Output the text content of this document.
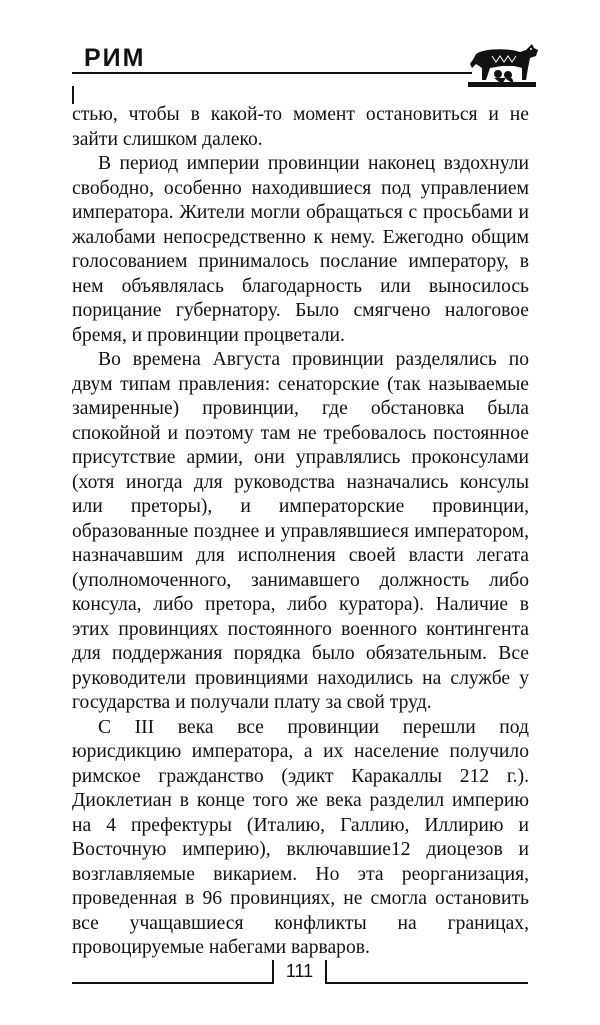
РИМ

стью, чтобы в какой-то момент остановиться и не зайти слишком далеко.

В период империи провинции наконец вздохнули свободно, особенно находившиеся под управлением императора. Жители могли обращаться с просьбами и жалобами непосредственно к нему. Ежегодно общим голосованием принималось послание императору, в нем объявлялась благодарность или выносилось порицание губернатору. Было смягчено налоговое бремя, и провинции процветали.

Во времена Августа провинции разделялись по двум типам правления: сенаторские (так называемые замиренные) провинции, где обстановка была спокойной и поэтому там не требовалось постоянное присутствие армии, они управлялись проконсулами (хотя иногда для руководства назначались консулы или преторы), и императорские провинции, образованные позднее и управлявшиеся императором, назначавшим для исполнения своей власти легата (уполномоченного, занимавшего должность либо консула, либо претора, либо куратора). Наличие в этих провинциях постоянного военного контингента для поддержания порядка было обязательным. Все руководители провинциями находились на службе у государства и получали плату за свой труд.

С III века все провинции перешли под юрисдикцию императора, а их население получило римское гражданство (эдикт Каракаллы 212 г.). Диоклетиан в конце того же века разделил империю на 4 префектуры (Италию, Галлию, Иллирию и Восточную империю), включавшие12 диоцезов и возглавляемые викарием. Но эта реорганизация, проведенная в 96 провинциях, не смогла остановить все учащавшиеся конфликты на границах, провоцируемые набегами варваров.

111
